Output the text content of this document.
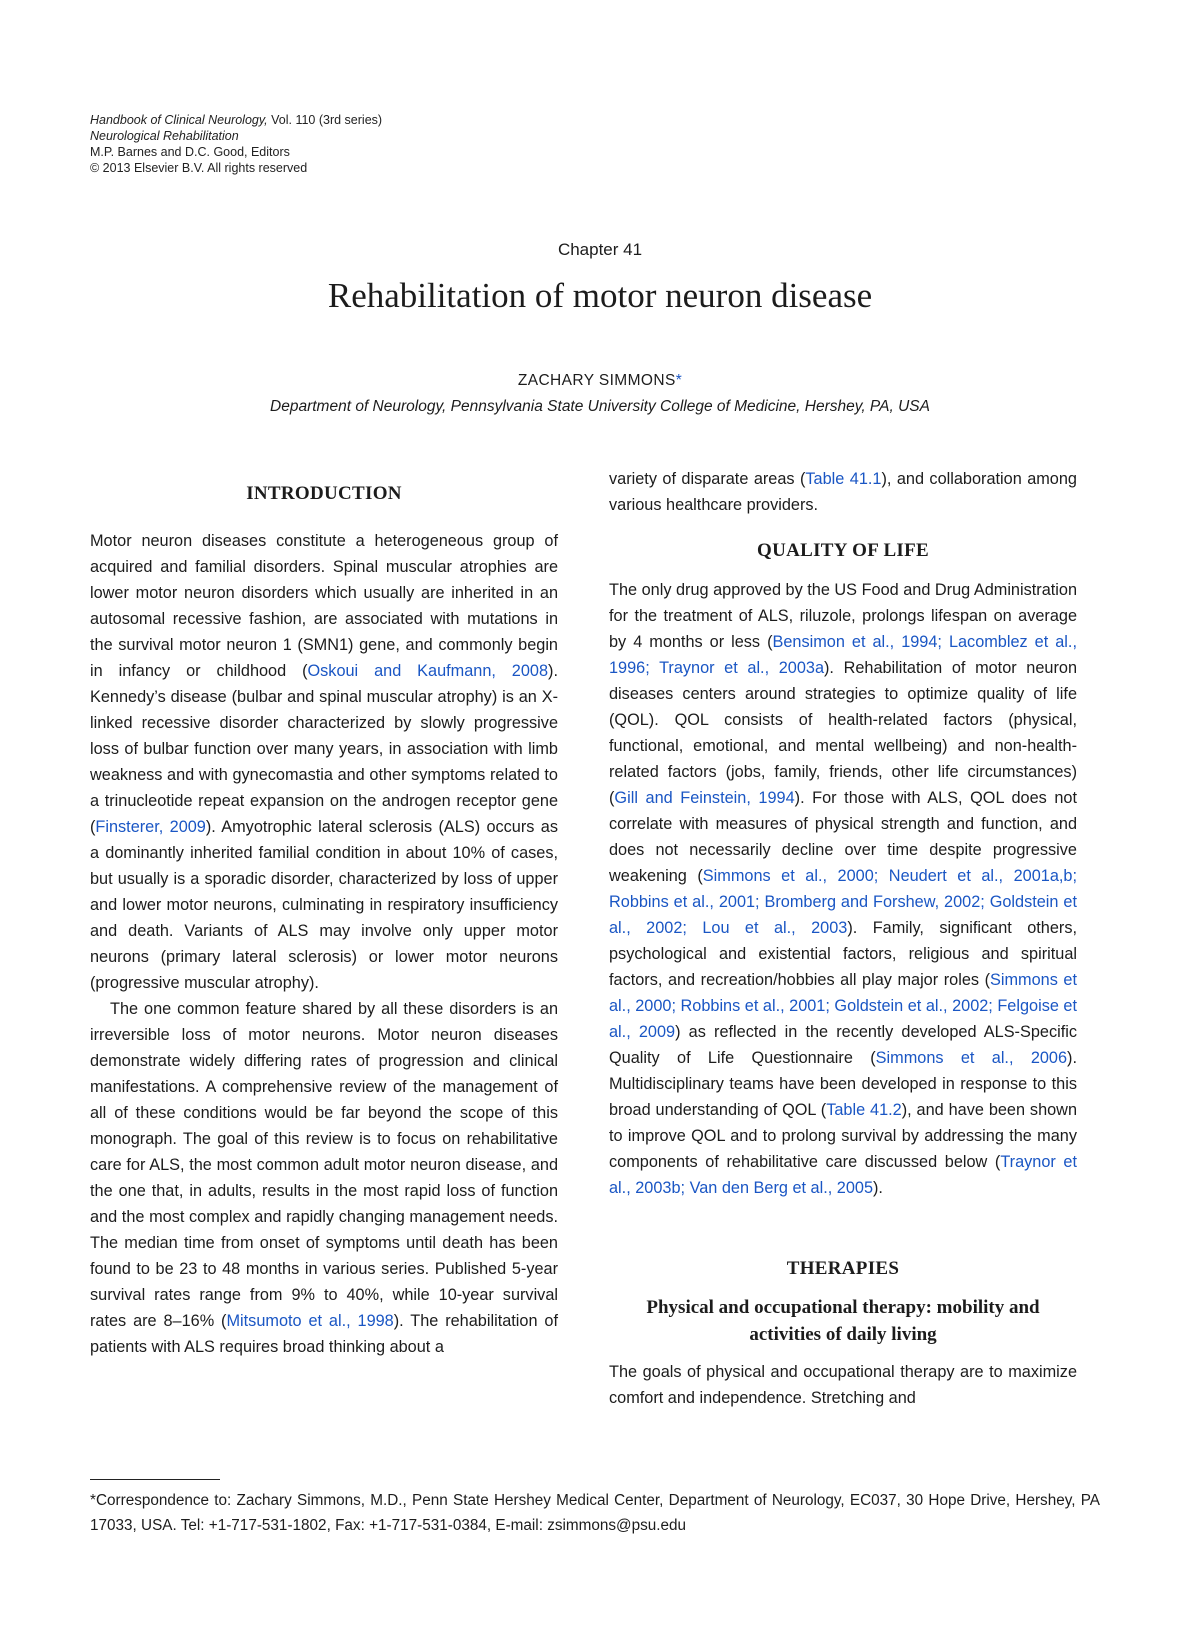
Handbook of Clinical Neurology, Vol. 110 (3rd series)
Neurological Rehabilitation
M.P. Barnes and D.C. Good, Editors
© 2013 Elsevier B.V. All rights reserved
Chapter 41
Rehabilitation of motor neuron disease
ZACHARY SIMMONS*
Department of Neurology, Pennsylvania State University College of Medicine, Hershey, PA, USA
INTRODUCTION

Motor neuron diseases constitute a heterogeneous group of acquired and familial disorders. Spinal muscular atrophies are lower motor neuron disorders which usually are inherited in an autosomal recessive fashion, are associated with mutations in the survival motor neuron 1 (SMN1) gene, and commonly begin in infancy or childhood (Oskoui and Kaufmann, 2008). Kennedy’s disease (bulbar and spinal muscular atrophy) is an X-linked recessive disorder characterized by slowly progressive loss of bulbar function over many years, in association with limb weakness and with gynecomastia and other symptoms related to a trinucleotide repeat expansion on the androgen receptor gene (Finsterer, 2009). Amyotrophic lateral sclerosis (ALS) occurs as a dominantly inherited familial condition in about 10% of cases, but usually is a sporadic disorder, characterized by loss of upper and lower motor neurons, culminating in respiratory insufficiency and death. Variants of ALS may involve only upper motor neurons (primary lateral sclerosis) or lower motor neurons (progressive muscular atrophy).

The one common feature shared by all these disorders is an irreversible loss of motor neurons. Motor neuron diseases demonstrate widely differing rates of progression and clinical manifestations. A comprehensive review of the management of all of these conditions would be far beyond the scope of this monograph. The goal of this review is to focus on rehabilitative care for ALS, the most common adult motor neuron disease, and the one that, in adults, results in the most rapid loss of function and the most complex and rapidly changing management needs. The median time from onset of symptoms until death has been found to be 23 to 48 months in various series. Published 5-year survival rates range from 9% to 40%, while 10-year survival rates are 8–16% (Mitsumoto et al., 1998). The rehabilitation of patients with ALS requires broad thinking about a

variety of disparate areas (Table 41.1), and collaboration among various healthcare providers.

QUALITY OF LIFE

The only drug approved by the US Food and Drug Administration for the treatment of ALS, riluzole, prolongs lifespan on average by 4 months or less (Bensimon et al., 1994; Lacomblez et al., 1996; Traynor et al., 2003a). Rehabilitation of motor neuron diseases centers around strategies to optimize quality of life (QOL). QOL consists of health-related factors (physical, functional, emotional, and mental wellbeing) and non-health-related factors (jobs, family, friends, other life circumstances) (Gill and Feinstein, 1994). For those with ALS, QOL does not correlate with measures of physical strength and function, and does not necessarily decline over time despite progressive weakening (Simmons et al., 2000; Neudert et al., 2001a,b; Robbins et al., 2001; Bromberg and Forshew, 2002; Goldstein et al., 2002; Lou et al., 2003). Family, significant others, psychological and existential factors, religious and spiritual factors, and recreation/hobbies all play major roles (Simmons et al., 2000; Robbins et al., 2001; Goldstein et al., 2002; Felgoise et al., 2009) as reflected in the recently developed ALS-Specific Quality of Life Questionnaire (Simmons et al., 2006). Multidisciplinary teams have been developed in response to this broad understanding of QOL (Table 41.2), and have been shown to improve QOL and to prolong survival by addressing the many components of rehabilitative care discussed below (Traynor et al., 2003b; Van den Berg et al., 2005).

THERAPIES
Physical and occupational therapy: mobility and activities of daily living

The goals of physical and occupational therapy are to maximize comfort and independence. Stretching and

*Correspondence to: Zachary Simmons, M.D., Penn State Hershey Medical Center, Department of Neurology, EC037, 30 Hope Drive, Hershey, PA 17033, USA. Tel: +1-717-531-1802, Fax: +1-717-531-0384, E-mail: zsimmons@psu.edu
